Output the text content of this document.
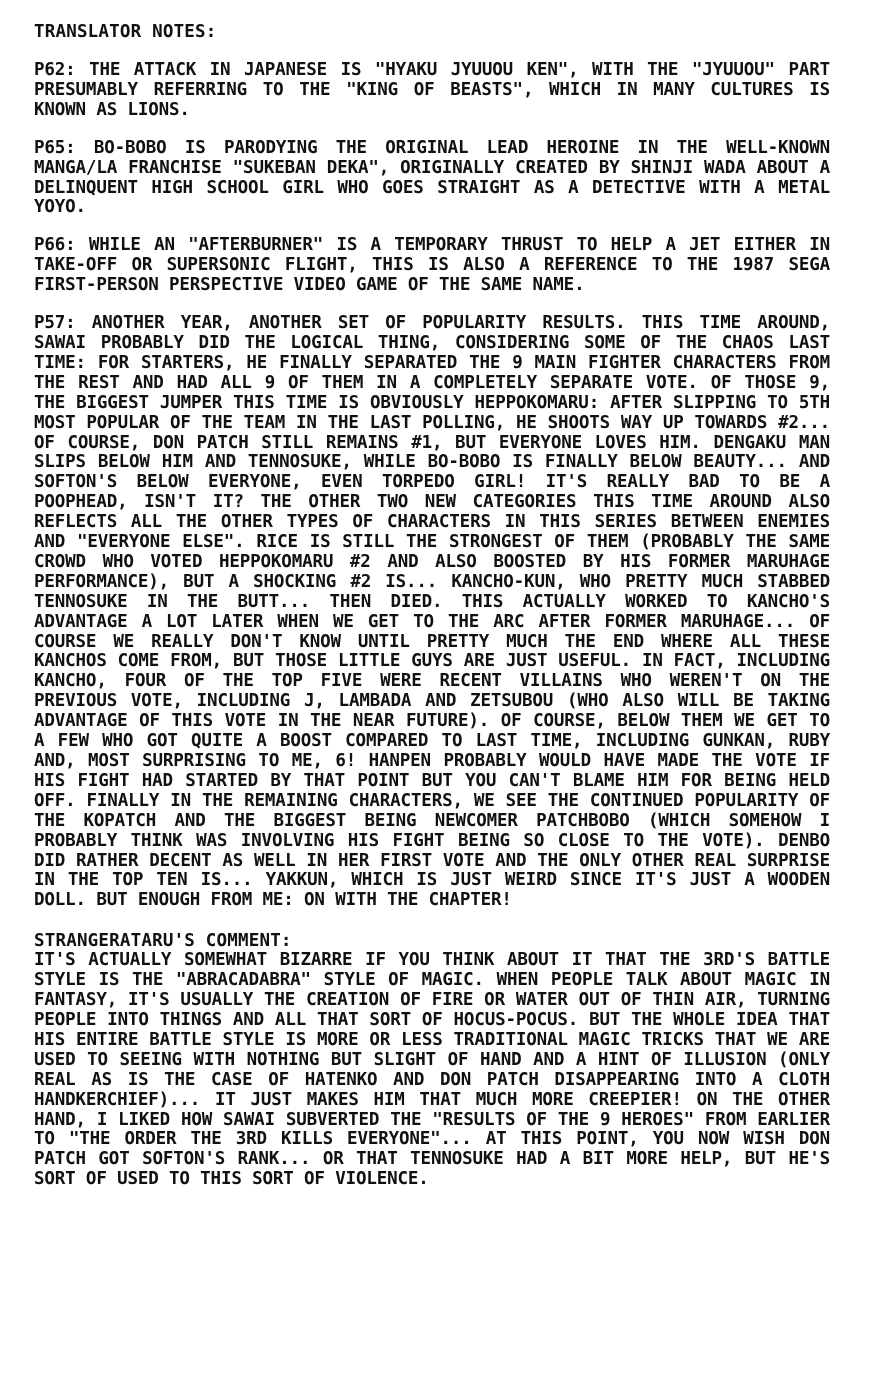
TRANSLATOR NOTES:

P62: THE ATTACK IN JAPANESE IS "HYAKU JYUUOU KEN", WITH THE "JYUUOU" PART PRESUMABLY REFERRING TO THE "KING OF BEASTS", WHICH IN MANY CULTURES IS KNOWN AS LIONS.

P65: BO-BOBO IS PARODYING THE ORIGINAL LEAD HEROINE IN THE WELL-KNOWN MANGA/LA FRANCHISE "SUKEBAN DEKA", ORIGINALLY CREATED BY SHINJI WADA ABOUT A DELINQUENT HIGH SCHOOL GIRL WHO GOES STRAIGHT AS A DETECTIVE WITH A METAL YOYO.

P66: WHILE AN "AFTERBURNER" IS A TEMPORARY THRUST TO HELP A JET EITHER IN TAKE-OFF OR SUPERSONIC FLIGHT, THIS IS ALSO A REFERENCE TO THE 1987 SEGA FIRST-PERSON PERSPECTIVE VIDEO GAME OF THE SAME NAME.

P57: ANOTHER YEAR, ANOTHER SET OF POPULARITY RESULTS. THIS TIME AROUND, SAWAI PROBABLY DID THE LOGICAL THING, CONSIDERING SOME OF THE CHAOS LAST TIME: FOR STARTERS, HE FINALLY SEPARATED THE 9 MAIN FIGHTER CHARACTERS FROM THE REST AND HAD ALL 9 OF THEM IN A COMPLETELY SEPARATE VOTE. OF THOSE 9, THE BIGGEST JUMPER THIS TIME IS OBVIOUSLY HEPPOKOMARU: AFTER SLIPPING TO 5TH MOST POPULAR OF THE TEAM IN THE LAST POLLING, HE SHOOTS WAY UP TOWARDS #2... OF COURSE, DON PATCH STILL REMAINS #1, BUT EVERYONE LOVES HIM. DENGAKU MAN SLIPS BELOW HIM AND TENNOSUKE, WHILE BO-BOBO IS FINALLY BELOW BEAUTY... AND SOFTON'S BELOW EVERYONE, EVEN TORPEDO GIRL! IT'S REALLY BAD TO BE A POOPHEAD, ISN'T IT? THE OTHER TWO NEW CATEGORIES THIS TIME AROUND ALSO REFLECTS ALL THE OTHER TYPES OF CHARACTERS IN THIS SERIES BETWEEN ENEMIES AND "EVERYONE ELSE". RICE IS STILL THE STRONGEST OF THEM (PROBABLY THE SAME CROWD WHO VOTED HEPPOKOMARU #2 AND ALSO BOOSTED BY HIS FORMER MARUHAGE PERFORMANCE), BUT A SHOCKING #2 IS... KANCHO-KUN, WHO PRETTY MUCH STABBED TENNOSUKE IN THE BUTT... THEN DIED. THIS ACTUALLY WORKED TO KANCHO'S ADVANTAGE A LOT LATER WHEN WE GET TO THE ARC AFTER FORMER MARUHAGE... OF COURSE WE REALLY DON'T KNOW UNTIL PRETTY MUCH THE END WHERE ALL THESE KANCHOS COME FROM, BUT THOSE LITTLE GUYS ARE JUST USEFUL. IN FACT, INCLUDING KANCHO, FOUR OF THE TOP FIVE WERE RECENT VILLAINS WHO WEREN'T ON THE PREVIOUS VOTE, INCLUDING J, LAMBADA AND ZETSUBOU (WHO ALSO WILL BE TAKING ADVANTAGE OF THIS VOTE IN THE NEAR FUTURE). OF COURSE, BELOW THEM WE GET TO A FEW WHO GOT QUITE A BOOST COMPARED TO LAST TIME, INCLUDING GUNKAN, RUBY AND, MOST SURPRISING TO ME, 6! HANPEN PROBABLY WOULD HAVE MADE THE VOTE IF HIS FIGHT HAD STARTED BY THAT POINT BUT YOU CAN'T BLAME HIM FOR BEING HELD OFF. FINALLY IN THE REMAINING CHARACTERS, WE SEE THE CONTINUED POPULARITY OF THE KOPATCH AND THE BIGGEST BEING NEWCOMER PATCHBOBO (WHICH SOMEHOW I PROBABLY THINK WAS INVOLVING HIS FIGHT BEING SO CLOSE TO THE VOTE). DENBO DID RATHER DECENT AS WELL IN HER FIRST VOTE AND THE ONLY OTHER REAL SURPRISE IN THE TOP TEN IS... YAKKUN, WHICH IS JUST WEIRD SINCE IT'S JUST A WOODEN DOLL. BUT ENOUGH FROM ME: ON WITH THE CHAPTER!

STRANGERATARU'S COMMENT:

IT'S ACTUALLY SOMEWHAT BIZARRE IF YOU THINK ABOUT IT THAT THE 3RD'S BATTLE STYLE IS THE "ABRACADABRA" STYLE OF MAGIC. WHEN PEOPLE TALK ABOUT MAGIC IN FANTASY, IT'S USUALLY THE CREATION OF FIRE OR WATER OUT OF THIN AIR, TURNING PEOPLE INTO THINGS AND ALL THAT SORT OF HOCUS-POCUS. BUT THE WHOLE IDEA THAT HIS ENTIRE BATTLE STYLE IS MORE OR LESS TRADITIONAL MAGIC TRICKS THAT WE ARE USED TO SEEING WITH NOTHING BUT SLIGHT OF HAND AND A HINT OF ILLUSION (ONLY REAL AS IS THE CASE OF HATENKO AND DON PATCH DISAPPEARING INTO A CLOTH HANDKERCHIEF)... IT JUST MAKES HIM THAT MUCH MORE CREEPIER! ON THE OTHER HAND, I LIKED HOW SAWAI SUBVERTED THE "RESULTS OF THE 9 HEROES" FROM EARLIER TO "THE ORDER THE 3RD KILLS EVERYONE"... AT THIS POINT, YOU NOW WISH DON PATCH GOT SOFTON'S RANK... OR THAT TENNOSUKE HAD A BIT MORE HELP, BUT HE'S SORT OF USED TO THIS SORT OF VIOLENCE.
